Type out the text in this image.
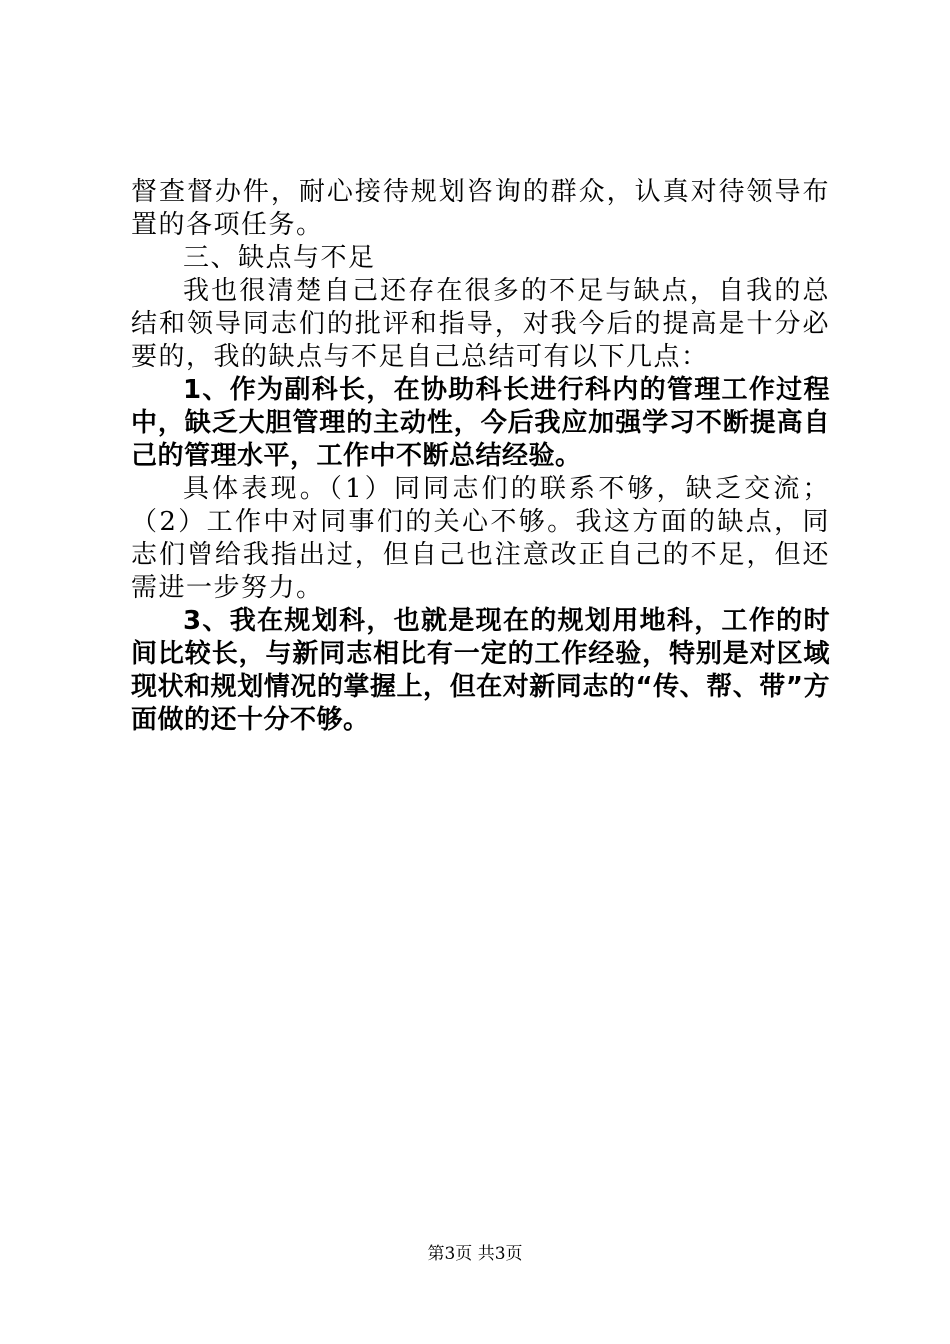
督查督办件，耐心接待规划咨询的群众，认真对待领导布置的各项任务。

三、缺点与不足

我也很清楚自己还存在很多的不足与缺点，自我的总结和领导同志们的批评和指导，对我今后的提高是十分必要的，我的缺点与不足自己总结可有以下几点：

1、作为副科长，在协助科长进行科内的管理工作过程中，缺乏大胆管理的主动性，今后我应加强学习不断提高自己的管理水平，工作中不断总结经验。

具体表现。（1）同同志们的联系不够，缺乏交流；（2）工作中对同事们的关心不够。我这方面的缺点，同志们曾给我指出过，但自己也注意改正自己的不足，但还需进一步努力。

3、我在规划科，也就是现在的规划用地科，工作的时间比较长，与新同志相比有一定的工作经验，特别是对区域现状和规划情况的掌握上，但在对新同志的“传、帮、带”方面做的还十分不够。

第3页 共3页
